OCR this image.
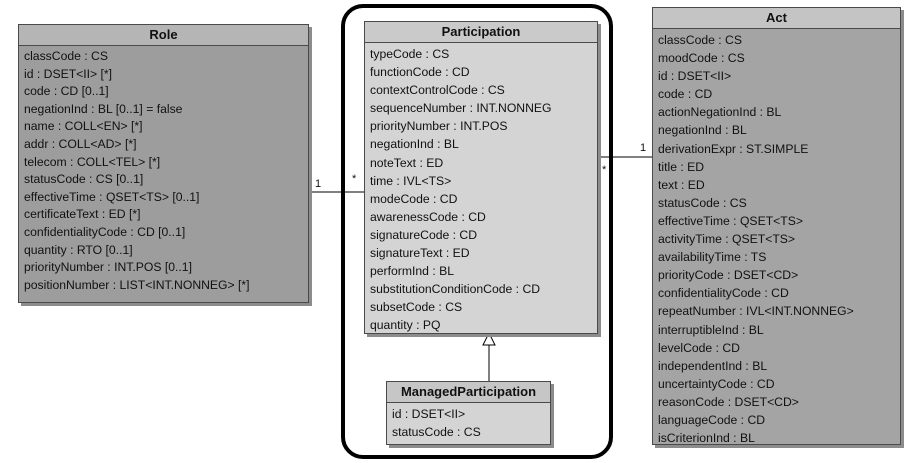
Role
classCode : CS
id : DSET<II> [*]
code : CD [0..1]
negationInd : BL [0..1] = false
name : COLL<EN> [*]
addr : COLL<AD> [*]
telecom : COLL<TEL> [*]
statusCode : CS [0..1]
effectiveTime : QSET<TS> [0..1]
certificateText : ED [*]
confidentialityCode : CD [0..1]
quantity : RTO [0..1]
priorityNumber : INT.POS [0..1]
positionNumber : LIST<INT.NONNEG> [*]
Participation
typeCode : CS
functionCode : CD
contextControlCode : CS
sequenceNumber : INT.NONNEG
priorityNumber : INT.POS
negationInd : BL
noteText : ED
time : IVL<TS>
modeCode : CD
awarenessCode : CD
signatureCode : CD
signatureText : ED
performInd : BL
substitutionConditionCode : CD
subsetCode : CS
quantity : PQ
ManagedParticipation
id : DSET<II>
statusCode : CS
Act
classCode : CS
moodCode : CS
id : DSET<II>
code : CD
actionNegationInd : BL
negationInd : BL
derivationExpr : ST.SIMPLE
title : ED
text : ED
statusCode : CS
effectiveTime : QSET<TS>
activityTime : QSET<TS>
availabilityTime : TS
priorityCode : DSET<CD>
confidentialityCode : CD
repeatNumber : IVL<INT.NONNEG>
interruptibleInd : BL
levelCode : CD
independentInd : BL
uncertaintyCode : CD
reasonCode : DSET<CD>
languageCode : CD
isCriterionInd : BL
1	*
*
1
